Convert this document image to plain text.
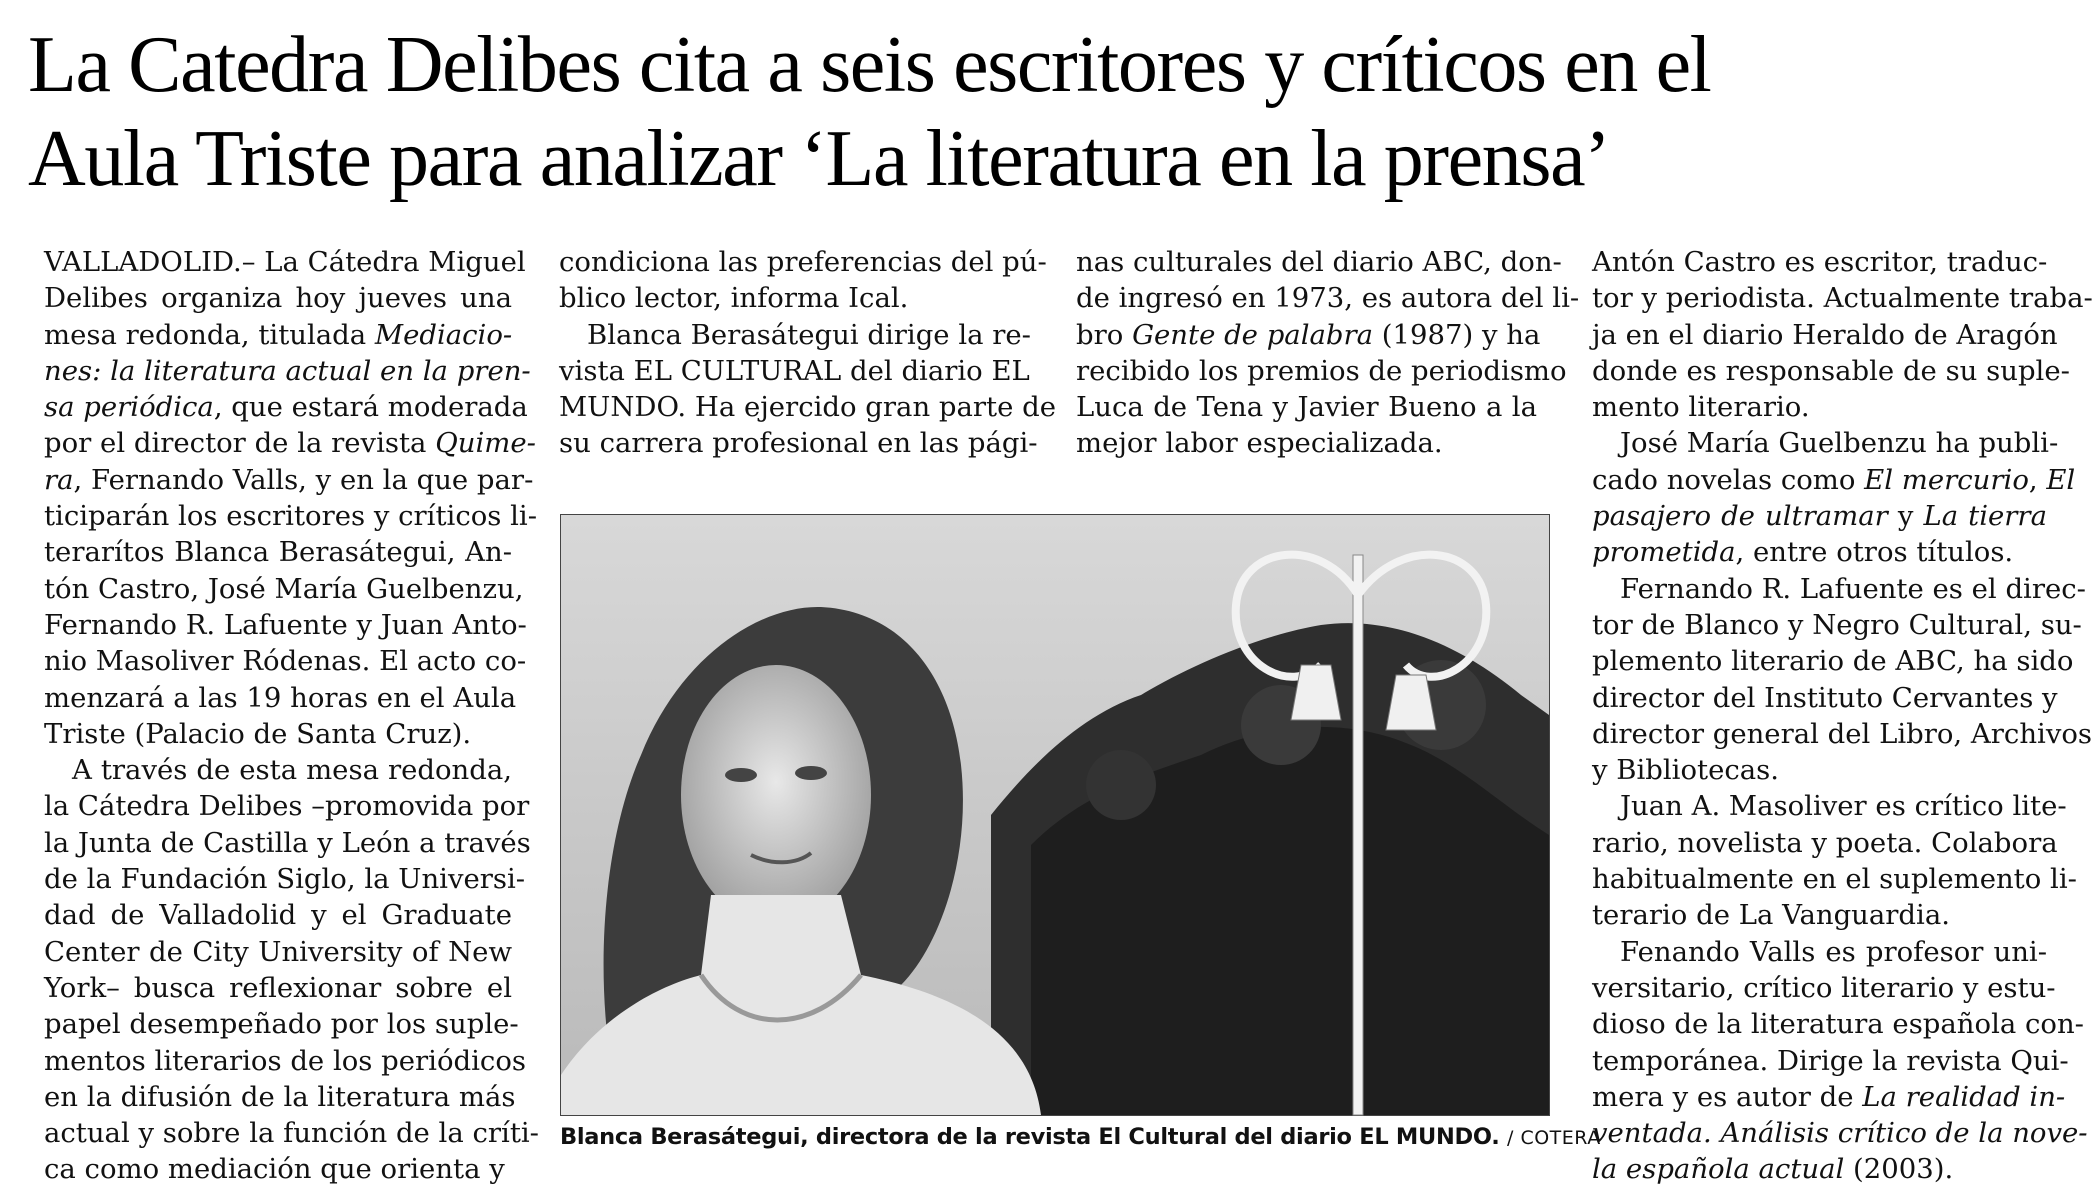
La Catedra Delibes cita a seis escritores y críticos en el
Aula Triste para analizar ‘La literatura en la prensa’
VALLADOLID.– La Cátedra Miguel
Delibes organiza hoy jueves una
mesa redonda, titulada Mediacio-
nes: la literatura actual en la pren-
sa periódica, que estará moderada
por el director de la revista Quime-
ra, Fernando Valls, y en la que par-
ticiparán los escritores y críticos li-
terarítos Blanca Berasátegui, An-
tón Castro, José María Guelbenzu,
Fernando R. Lafuente y Juan Anto-
nio Masoliver Ródenas. El acto co-
menzará a las 19 horas en el Aula
Triste (Palacio de Santa Cruz).
A través de esta mesa redonda,
la Cátedra Delibes –promovida por
la Junta de Castilla y León a través
de la Fundación Siglo, la Universi-
dad de Valladolid y el Graduate
Center de City University of New
York– busca reflexionar sobre el
papel desempeñado por los suple-
mentos literarios de los periódicos
en la difusión de la literatura más
actual y sobre la función de la críti-
ca como mediación que orienta y
condiciona las preferencias del pú-
blico lector, informa Ical.
Blanca Berasátegui dirige la re-
vista EL CULTURAL del diario EL
MUNDO. Ha ejercido gran parte de
su carrera profesional en las pági-
nas culturales del diario ABC, don-
de ingresó en 1973, es autora del li-
bro Gente de palabra (1987) y ha
recibido los premios de periodismo
Luca de Tena y Javier Bueno a la
mejor labor especializada.
Antón Castro es escritor, traduc-
tor y periodista. Actualmente traba-
ja en el diario Heraldo de Aragón
donde es responsable de su suple-
mento literario.
José María Guelbenzu ha publi-
cado novelas como El mercurio, El
pasajero de ultramar y La tierra
prometida, entre otros títulos.
Fernando R. Lafuente es el direc-
tor de Blanco y Negro Cultural, su-
plemento literario de ABC, ha sido
director del Instituto Cervantes y
director general del Libro, Archivos
y Bibliotecas.
Juan A. Masoliver es crítico lite-
rario, novelista y poeta. Colabora
habitualmente en el suplemento li-
terario de La Vanguardia.
Fenando Valls es profesor uni-
versitario, crítico literario y estu-
dioso de la literatura española con-
temporánea. Dirige la revista Qui-
mera y es autor de La realidad in-
ventada. Análisis crítico de la nove-
la española actual (2003).
Blanca Berasátegui, directora de la revista El Cultural del diario EL MUNDO. / COTERA
